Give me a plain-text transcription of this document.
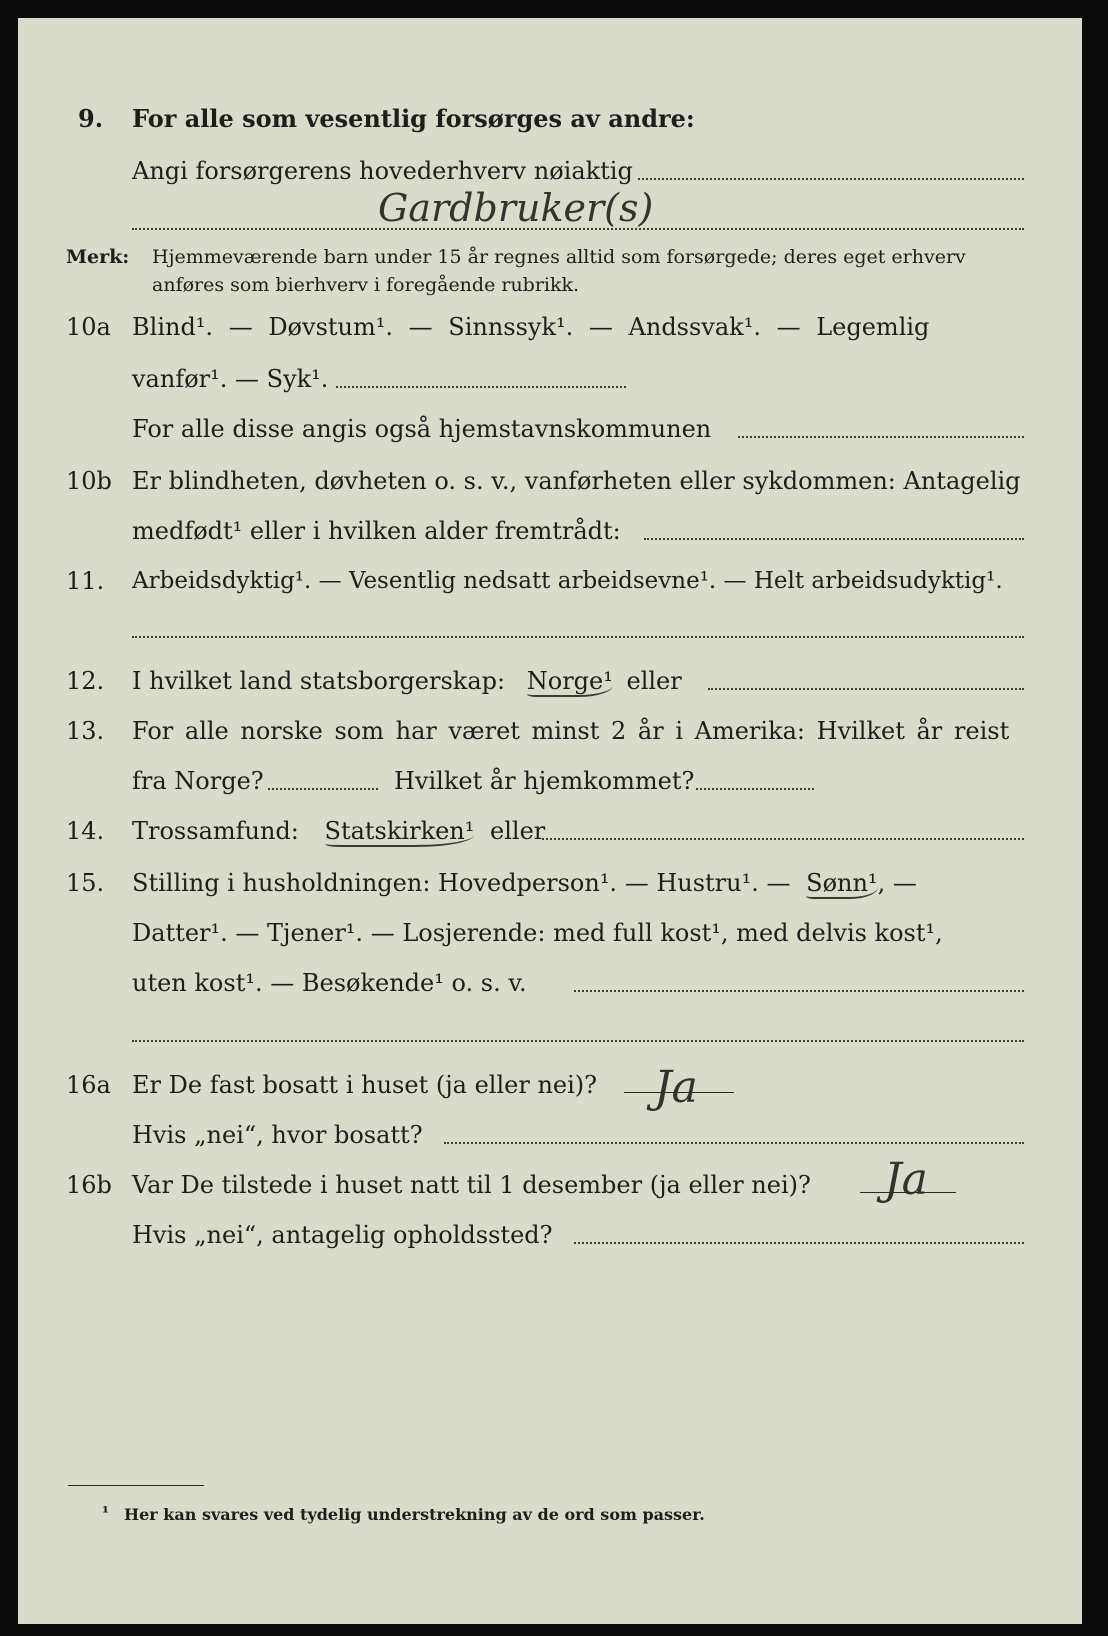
9. For alle som vesentlig forsørges av andre:
Angi forsørgerens hovederhverv nøiaktig
Gardbruker(s)
Merk: Hjemmeværende barn under 15 år regnes alltid som forsørgede; deres eget erhverv
anføres som bierhverv i foregående rubrikk.
10a Blind¹. — Døvstum¹. — Sinnssyk¹. — Andssvak¹. — Legemlig
vanfør¹. — Syk¹.
For alle disse angis også hjemstavnskommunen
10b Er blindheten, døvheten o. s. v., vanførheten eller sykdommen: Antagelig
medfødt¹ eller i hvilken alder fremtrådt:
11. Arbeidsdyktig¹. — Vesentlig nedsatt arbeidsevne¹. — Helt arbeidsudyktig¹.
12. I hvilket land statsborgerskap: Norge¹ eller
13. For alle norske som har været minst 2 år i Amerika: Hvilket år reist
fra Norge?	Hvilket år hjemkommet?
14. Trossamfund: Statskirken¹ eller
15. Stilling i husholdningen: Hovedperson¹. — Hustru¹. — Sønn¹, —
Datter¹. — Tjener¹. — Losjerende: med full kost¹, med delvis kost¹,
uten kost¹. — Besøkende¹ o. s. v.
16a Er De fast bosatt i huset (ja eller nei)? Ja
Hvis „nei“, hvor bosatt?
16b Var De tilstede i huset natt til 1 desember (ja eller nei)? Ja
Hvis „nei“, antagelig opholdssted?
¹ Her kan svares ved tydelig understrekning av de ord som passer.
